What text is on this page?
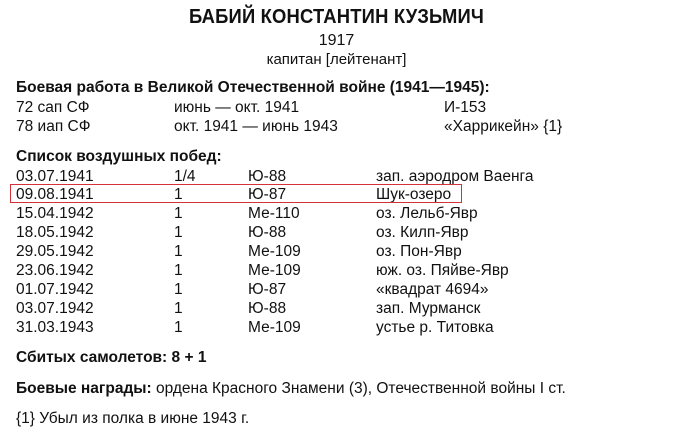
БАБИЙ КОНСТАНТИН КУЗЬМИЧ
1917
капитан [лейтенант]
Боевая работа в Великой Отечественной войне (1941—1945):
72 сап СФ	июнь — окт. 1941	И-153
78 иап СФ	окт. 1941 — июнь 1943	«Харрикейн» {1}
Список воздушных побед:
03.07.1941	1/4	Ю-88	зап. аэродром Ваенга
09.08.1941	1	Ю-87	Шук-озеро
15.04.1942	1	Ме-110	оз. Лельб-Явр
18.05.1942	1	Ю-88	оз. Килп-Явр
29.05.1942	1	Ме-109	оз. Пон-Явр
23.06.1942	1	Ме-109	юж. оз. Пяйве-Явр
01.07.1942	1	Ю-87	«квадрат 4694»
03.07.1942	1	Ю-88	зап. Мурманск
31.03.1943	1	Ме-109	устье р. Титовка
Сбитых самолетов: 8 + 1
Боевые награды: ордена Красного Знамени (3), Отечественной войны I ст.
{1} Убыл из полка в июне 1943 г.
